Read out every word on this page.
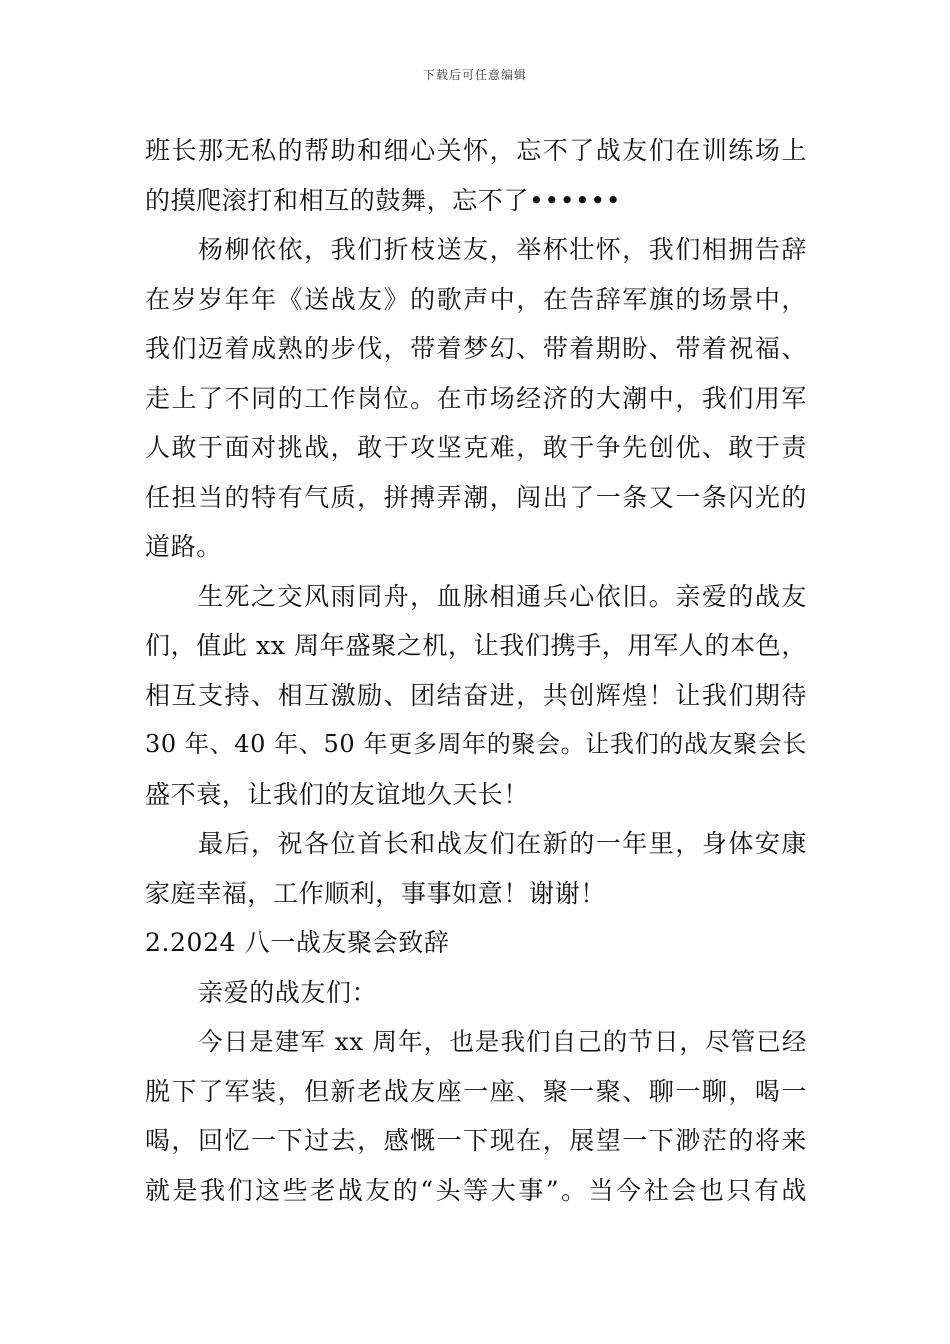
下载后可任意编辑
班长那无私的帮助和细心关怀，忘不了战友们在训练场上
的摸爬滚打和相互的鼓舞，忘不了••••••
杨柳依依，我们折枝送友，举杯壮怀，我们相拥告辞
在岁岁年年《送战友》的歌声中，在告辞军旗的场景中，
我们迈着成熟的步伐，带着梦幻、带着期盼、带着祝福、
走上了不同的工作岗位。在市场经济的大潮中，我们用军
人敢于面对挑战，敢于攻坚克难，敢于争先创优、敢于责
任担当的特有气质，拼搏弄潮，闯出了一条又一条闪光的
道路。
生死之交风雨同舟，血脉相通兵心依旧。亲爱的战友
们，值此 xx 周年盛聚之机，让我们携手，用军人的本色，
相互支持、相互激励、团结奋进，共创辉煌！让我们期待
30 年、40 年、50 年更多周年的聚会。让我们的战友聚会长
盛不衰，让我们的友谊地久天长！
最后，祝各位首长和战友们在新的一年里，身体安康
家庭幸福，工作顺利，事事如意！谢谢！
2.2024 八一战友聚会致辞
亲爱的战友们：
今日是建军 xx 周年，也是我们自己的节日，尽管已经
脱下了军装，但新老战友座一座、聚一聚、聊一聊，喝一
喝，回忆一下过去，感慨一下现在，展望一下渺茫的将来
就是我们这些老战友的“头等大事”。当今社会也只有战
